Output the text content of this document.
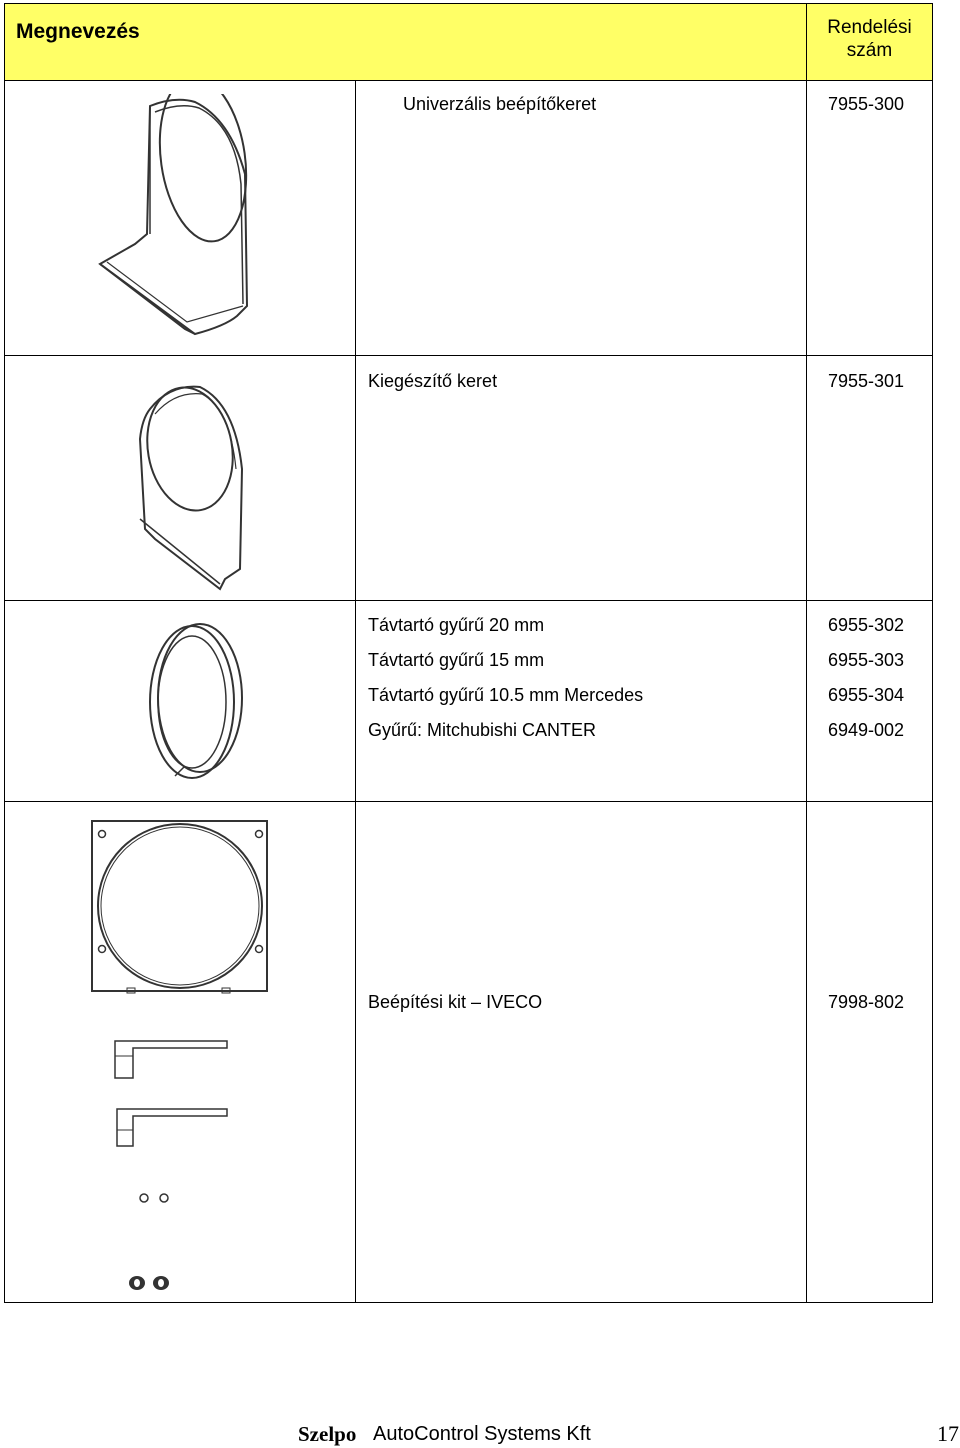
Megnevezés	Rendelési
szám
Univerzális beépítőkeret	7955-300
Kiegészítő keret	7955-301
Távtartó gyűrű 20 mm	6955-302
Távtartó gyűrű 15 mm	6955-303
Távtartó gyűrű 10.5 mm Mercedes	6955-304
Gyűrű: Mitchubishi CANTER	6949-002
Beépítési kit – IVECO	7998-802
Szelpo AutoControl Systems Kft	17
